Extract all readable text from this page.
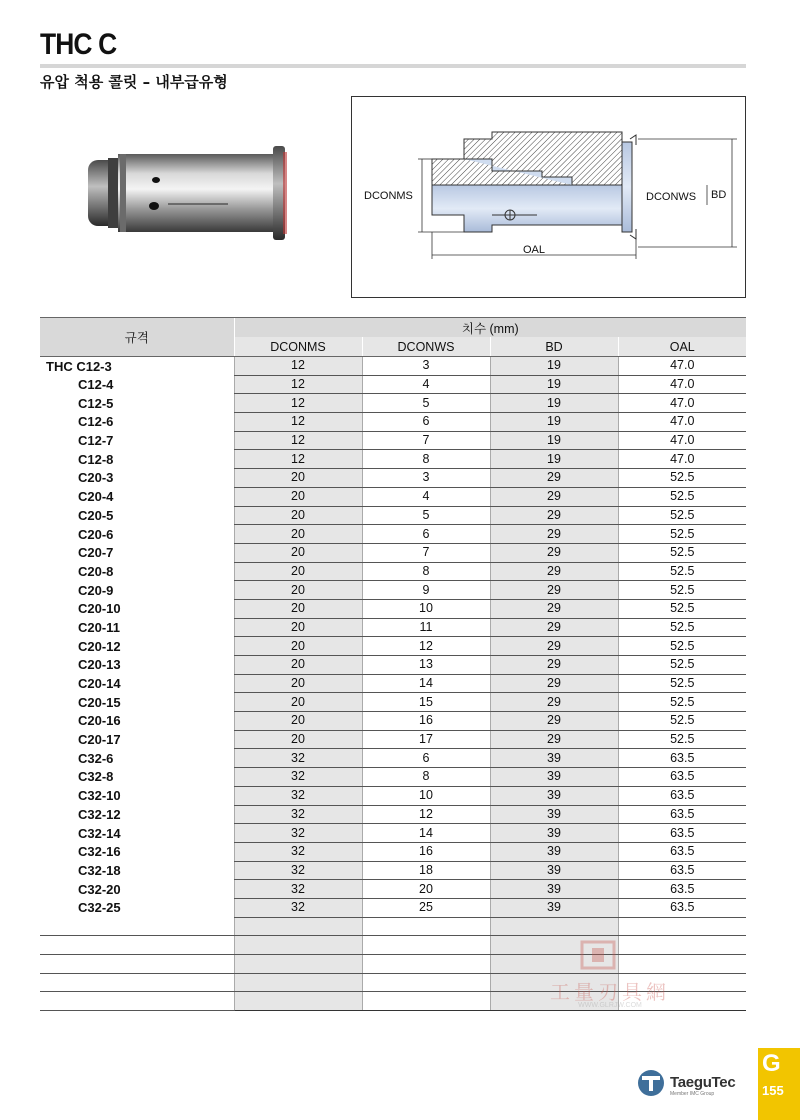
THC C
유압 척용 콜릿 – 내부급유형
DCONMS	DCONWS BD
OAL
규격	치수 (mm)			
	DCONMS	DCONWS	BD	OAL
THC C12-3	12	3	19	47.0
C12-4	12	4	19	47.0
C12-5	12	5	19	47.0
C12-6	12	6	19	47.0
C12-7	12	7	19	47.0
C12-8	12	8	19	47.0
C20-3	20	3	29	52.5
C20-4	20	4	29	52.5
C20-5	20	5	29	52.5
C20-6	20	6	29	52.5
C20-7	20	7	29	52.5
C20-8	20	8	29	52.5
C20-9	20	9	29	52.5
C20-10	20	10	29	52.5
C20-11	20	11	29	52.5
C20-12	20	12	29	52.5
C20-13	20	13	29	52.5
C20-14	20	14	29	52.5
C20-15	20	15	29	52.5
C20-16	20	16	29	52.5
C20-17	20	17	29	52.5
C32-6	32	6	39	63.5
C32-8	32	8	39	63.5
C32-10	32	10	39	63.5
C32-12	32	12	39	63.5
C32-14	32	14	39	63.5
C32-16	32	16	39	63.5
C32-18	32	18	39	63.5
C32-20	32	20	39	63.5
C32-25	32	25	39	63.5

工量刃具網
WWW.GLRJW.COM
TaeguTec
Member IMC Group
G
155
